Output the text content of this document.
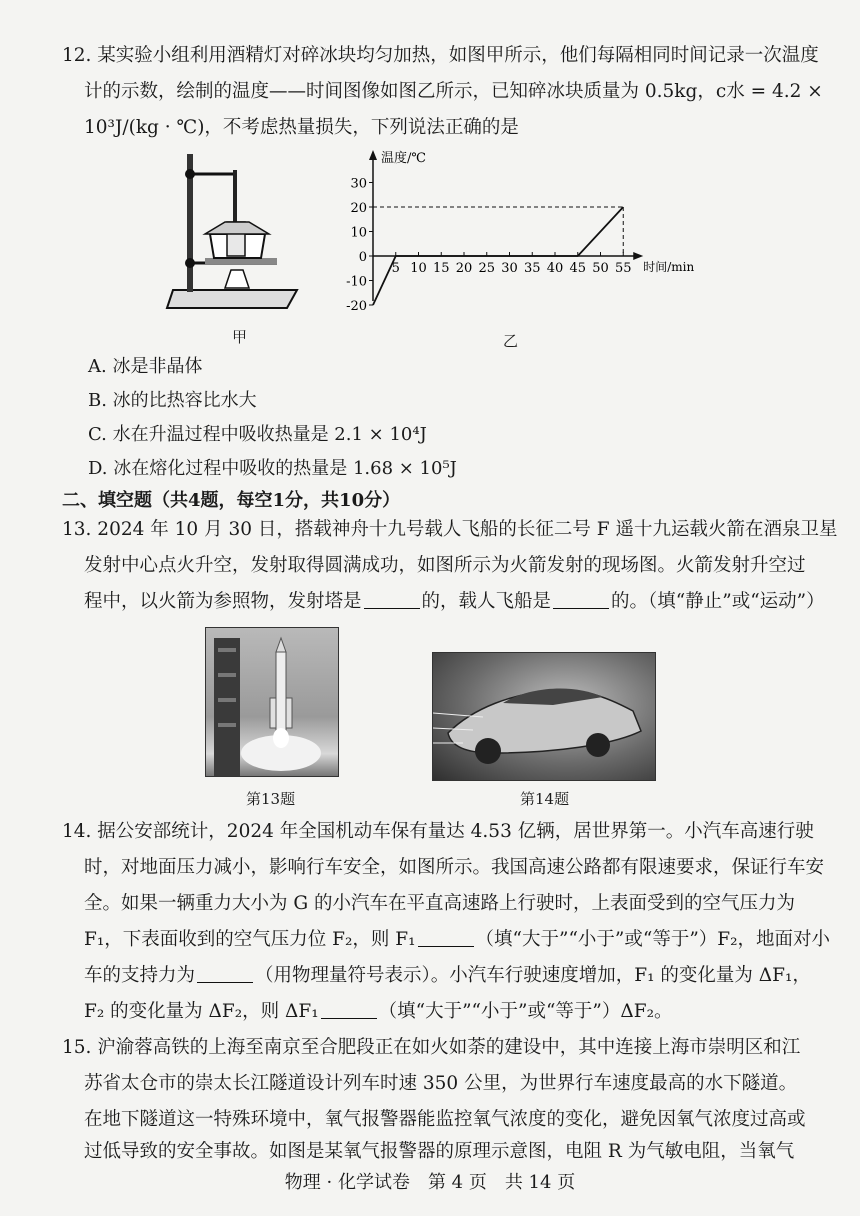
12. 某实验小组利用酒精灯对碎冰块均匀加热，如图甲所示，他们每隔相同时间记录一次温度
计的示数，绘制的温度——时间图像如图乙所示，已知碎冰块质量为 0.5kg，c水 = 4.2 ×
10³J/(kg · ℃)，不考虑热量损失，下列说法正确的是
甲
温度/℃
时间/min
30
20
10
0
-10
-20
5 10 15 20 25 30 35 40 45 50 55
乙
A. 冰是非晶体
B. 冰的比热容比水大
C. 水在升温过程中吸收热量是 2.1 × 10⁴J
D. 冰在熔化过程中吸收的热量是 1.68 × 10⁵J
二、填空题（共4题，每空1分，共10分）
13. 2024 年 10 月 30 日，搭载神舟十九号载人飞船的长征二号 F 遥十九运载火箭在酒泉卫星
发射中心点火升空，发射取得圆满成功，如图所示为火箭发射的现场图。火箭发射升空过
程中，以火箭为参照物，发射塔是	的，载人飞船是	的。（填“静止”或“运动”）
第13题	第14题
14. 据公安部统计，2024 年全国机动车保有量达 4.53 亿辆，居世界第一。小汽车高速行驶
时，对地面压力减小，影响行车安全，如图所示。我国高速公路都有限速要求，保证行车安
全。如果一辆重力大小为 G 的小汽车在平直高速路上行驶时，上表面受到的空气压力为
F₁，下表面收到的空气压力位 F₂，则 F₁	（填“大于”“小于”或“等于”）F₂，地面对小
车的支持力为	（用物理量符号表示）。小汽车行驶速度增加，F₁ 的变化量为 ΔF₁，
F₂ 的变化量为 ΔF₂，则 ΔF₁	（填“大于”“小于”或“等于”）ΔF₂。
15. 沪渝蓉高铁的上海至南京至合肥段正在如火如荼的建设中，其中连接上海市崇明区和江
苏省太仓市的崇太长江隧道设计列车时速 350 公里，为世界行车速度最高的水下隧道。
在地下隧道这一特殊环境中，氧气报警器能监控氧气浓度的变化，避免因氧气浓度过高或
过低导致的安全事故。如图是某氧气报警器的原理示意图，电阻 R 为气敏电阻，当氧气
物理 · 化学试卷　第 4 页　共 14 页
